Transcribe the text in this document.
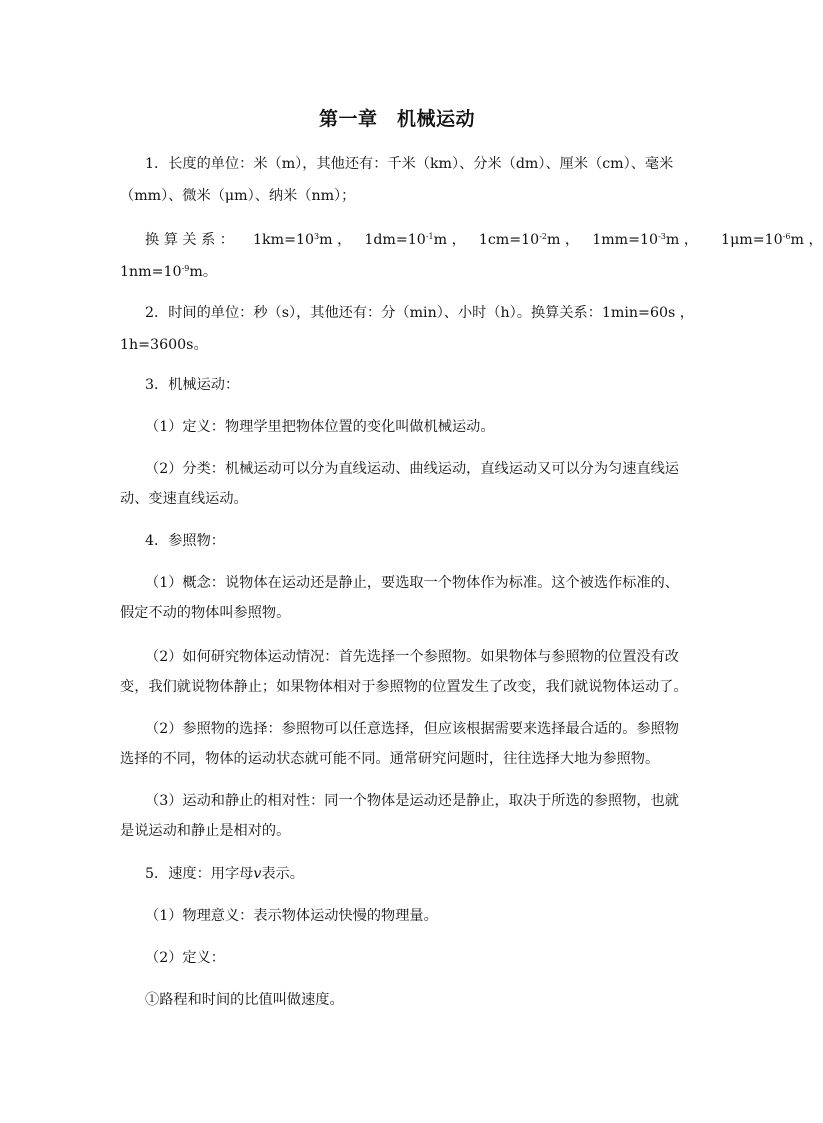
第一章　机械运动
1．长度的单位：米（m），其他还有：千米（km）、分米（dm）、厘米（cm）、毫米
（mm）、微米（μm）、纳米（nm）；
换 算 关 系 ： $1km=10^3m$ ， $1dm=10^{-1}m$ ， $1cm=10^{-2}m$ ， $1mm=10^{-3}m$ ， $1\mu m=10^{-6}m$ ，
$1nm=10^{-9}m$。
2．时间的单位：秒（s），其他还有：分（min）、小时（h）。换算关系：1min=60s ，
1h=3600s。
3．机械运动：
（1）定义：物理学里把物体位置的变化叫做机械运动。
（2）分类：机械运动可以分为直线运动、曲线运动，直线运动又可以分为匀速直线运
动、变速直线运动。
4．参照物：
（1）概念：说物体在运动还是静止，要选取一个物体作为标准。这个被选作标准的、
假定不动的物体叫参照物。
（2）如何研究物体运动情况：首先选择一个参照物。如果物体与参照物的位置没有改
变，我们就说物体静止；如果物体相对于参照物的位置发生了改变，我们就说物体运动了。
（2）参照物的选择：参照物可以任意选择，但应该根据需要来选择最合适的。参照物
选择的不同，物体的运动状态就可能不同。通常研究问题时，往往选择大地为参照物。
（3）运动和静止的相对性：同一个物体是运动还是静止，取决于所选的参照物，也就
是说运动和静止是相对的。
5．速度：用字母v表示。
（1）物理意义：表示物体运动快慢的物理量。
（2）定义：
①路程和时间的比值叫做速度。
